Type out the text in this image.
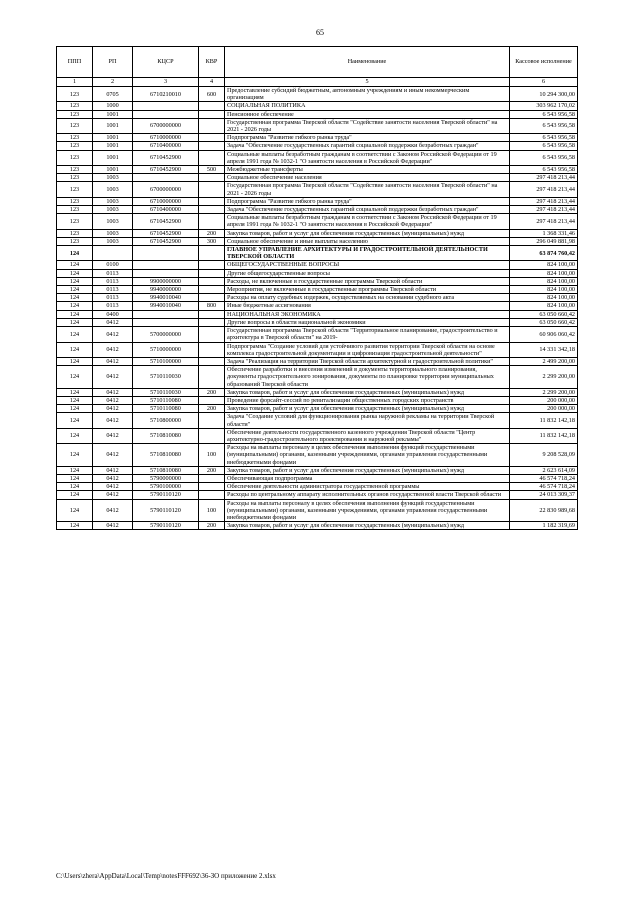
65
ППП	РП	КЦСР	КВР	Наименование	Кассовое исполнение
1	2	3	4	5	6
123	0705	6710210010	600	Предоставление субсидий бюджетным, автономным учреждениям и иным некоммерческим организациям	10 294 300,00
123	1000			СОЦИАЛЬНАЯ ПОЛИТИКА	303 962 170,02
123	1001			Пенсионное обеспечение	6 543 956,58
123	1001	6700000000		Государственная программа Тверской области "Содействие занятости населения Тверской области" на 2021 - 2026 годы	6 543 956,58
123	1001	6710000000		Подпрограмма "Развитие гибкого рынка труда"	6 543 956,58
123	1001	6710400000		Задача "Обеспечение государственных гарантий социальной поддержки безработных граждан"	6 543 956,58
123	1001	6710452900		Социальные выплаты безработным гражданам в соответствии с Законом Российской Федерации от 19 апреля 1991 года № 1032-1 "О занятости населения в Российской Федерации"	6 543 956,58
123	1001	6710452900	500	Межбюджетные трансферты	6 543 956,58
123	1003			Социальное обеспечение населения	297 418 213,44
123	1003	6700000000		Государственная программа Тверской области "Содействие занятости населения Тверской области" на 2021 - 2026 годы	297 418 213,44
123	1003	6710000000		Подпрограмма "Развитие гибкого рынка труда"	297 418 213,44
123	1003	6710400000		Задача "Обеспечение государственных гарантий социальной поддержки безработных граждан"	297 418 213,44
123	1003	6710452900		Социальные выплаты безработным гражданам в соответствии с Законом Российской Федерации от 19 апреля 1991 года № 1032-1 "О занятости населения в Российской Федерации"	297 418 213,44
123	1003	6710452900	200	Закупка товаров, работ и услуг для обеспечения государственных (муниципальных) нужд	1 368 331,46
123	1003	6710452900	300	Социальное обеспечение и иные выплаты населению	296 049 881,98
124				ГЛАВНОЕ УПРАВЛЕНИЕ АРХИТЕКТУРЫ И ГРАДОСТРОИТЕЛЬНОЙ ДЕЯТЕЛЬНОСТИ ТВЕРСКОЙ ОБЛАСТИ	63 874 760,42
124	0100			ОБЩЕГОСУДАРСТВЕННЫЕ ВОПРОСЫ	824 100,00
124	0113			Другие общегосударственные вопросы	824 100,00
124	0113	9900000000		Расходы, не включенные в государственные программы Тверской области	824 100,00
124	0113	9940000000		Мероприятия, не включенные в государственные программы Тверской области	824 100,00
124	0113	9940010040		Расходы на оплату судебных издержек, осуществляемых на основании судебного акта	824 100,00
124	0113	9940010040	800	Иные бюджетные ассигнования	824 100,00
124	0400			НАЦИОНАЛЬНАЯ ЭКОНОМИКА	63 050 660,42
124	0412			Другие вопросы в области национальной экономики	63 050 660,42
124	0412	5700000000		Государственная программа Тверской области "Территориальное планирование, градостроительство и архитектура в Тверской области" на 2019-	60 906 060,42
124	0412	5710000000		Подпрограмма "Создание условий для устойчивого развития территории Тверской области на основе комплекса градостроительной документации и цифровизация градостроительной деятельности"	14 331 342,18
124	0412	5710100000		Задача "Реализация на территории Тверской области архитектурной и градостроительной политики"	2 499 200,00
124	0412	5710110030		Обеспечение разработки и внесения изменений в документы территориального планирования, документы градостроительного зонирования, документы по планировке территории муниципальных образований Тверской области	2 299 200,00
124	0412	5710110030	200	Закупка товаров, работ и услуг для обеспечения государственных (муниципальных) нужд	2 299 200,00
124	0412	5710110080		Проведение форсайт-сессий по ревитализации общественных городских пространств	200 000,00
124	0412	5710110080	200	Закупка товаров, работ и услуг для обеспечения государственных (муниципальных) нужд	200 000,00
124	0412	5710800000		Задача "Создание условий для функционирования рынка наружной рекламы на территории Тверской области"	11 832 142,18
124	0412	5710810080		Обеспечение деятельности государственного казенного учреждения Тверской области "Центр архитектурно-градостроительного проектирования и наружной рекламы"	11 832 142,18
124	0412	5710810080	100	Расходы на выплаты персоналу в целях обеспечения выполнения функций государственными (муниципальными) органами, казенными учреждениями, органами управления государственными внебюджетными фондами	9 208 528,09
124	0412	5710810080	200	Закупка товаров, работ и услуг для обеспечения государственных (муниципальных) нужд	2 623 614,09
124	0412	5790000000		Обеспечивающая подпрограмма	46 574 718,24
124	0412	5790100000		Обеспечение деятельности администратора государственной программы	46 574 718,24
124	0412	5790110120		Расходы по центральному аппарату исполнительных органов государственной власти Тверской области	24 013 309,37
124	0412	5790110120	100	Расходы на выплаты персоналу в целях обеспечения выполнения функций государственными (муниципальными) органами, казенными учреждениями, органами управления государственными внебюджетными фондами	22 830 989,68
124	0412	5790110120	200	Закупка товаров, работ и услуг для обеспечения государственных (муниципальных) нужд	1 182 319,69
C:\Users\zhera\AppData\Local\Temp\notesFFF692\36-ЗО приложение 2.xlsx
